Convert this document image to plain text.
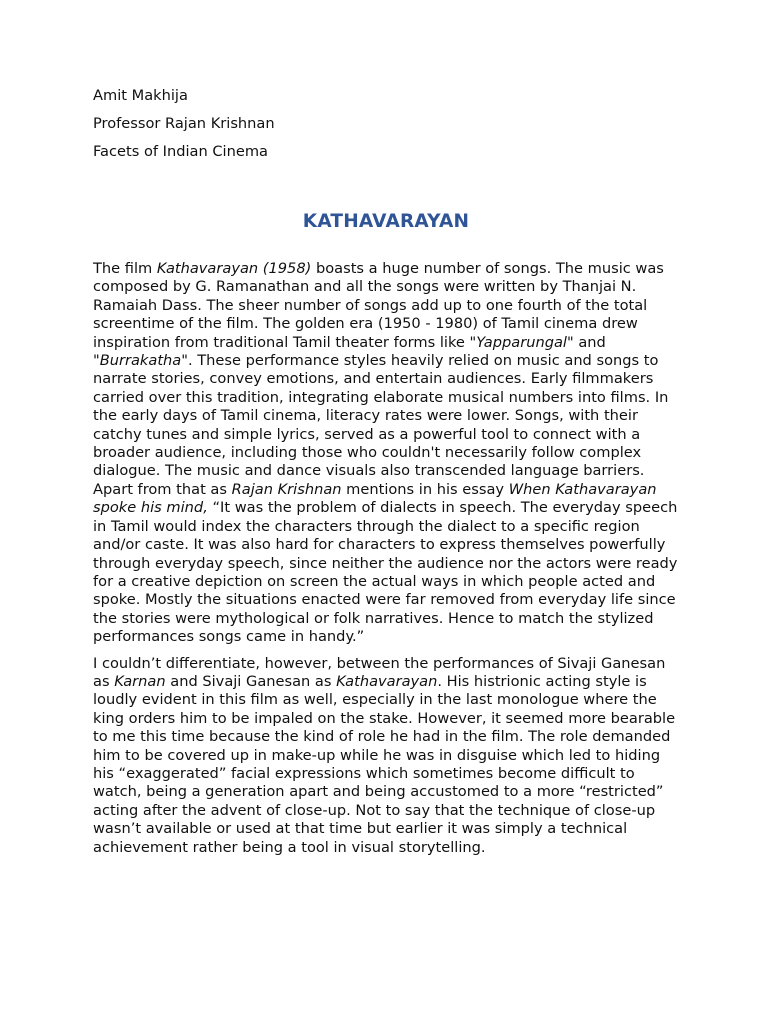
Amit Makhija

Professor Rajan Krishnan

Facets of Indian Cinema

KATHAVARAYAN

The film Kathavarayan (1958) boasts a huge number of songs. The music was composed by G. Ramanathan and all the songs were written by Thanjai N. Ramaiah Dass. The sheer number of songs add up to one fourth of the total screentime of the film. The golden era (1950 - 1980) of Tamil cinema drew inspiration from traditional Tamil theater forms like "Yapparungal" and "Burrakatha". These performance styles heavily relied on music and songs to narrate stories, convey emotions, and entertain audiences. Early filmmakers carried over this tradition, integrating elaborate musical numbers into films. In the early days of Tamil cinema, literacy rates were lower. Songs, with their catchy tunes and simple lyrics, served as a powerful tool to connect with a broader audience, including those who couldn't necessarily follow complex dialogue. The music and dance visuals also transcended language barriers. Apart from that as Rajan Krishnan mentions in his essay When Kathavarayan spoke his mind, “It was the problem of dialects in speech. The everyday speech in Tamil would index the characters through the dialect to a specific region and/or caste. It was also hard for characters to express themselves powerfully through everyday speech, since neither the audience nor the actors were ready for a creative depiction on screen the actual ways in which people acted and spoke. Mostly the situations enacted were far removed from everyday life since the stories were mythological or folk narratives. Hence to match the stylized performances songs came in handy.”

I couldn’t differentiate, however, between the performances of Sivaji Ganesan as Karnan and Sivaji Ganesan as Kathavarayan. His histrionic acting style is loudly evident in this film as well, especially in the last monologue where the king orders him to be impaled on the stake. However, it seemed more bearable to me this time because the kind of role he had in the film. The role demanded him to be covered up in make-up while he was in disguise which led to hiding his “exaggerated” facial expressions which sometimes become difficult to watch, being a generation apart and being accustomed to a more “restricted” acting after the advent of close-up. Not to say that the technique of close-up wasn’t available or used at that time but earlier it was simply a technical achievement rather being a tool in visual storytelling.
